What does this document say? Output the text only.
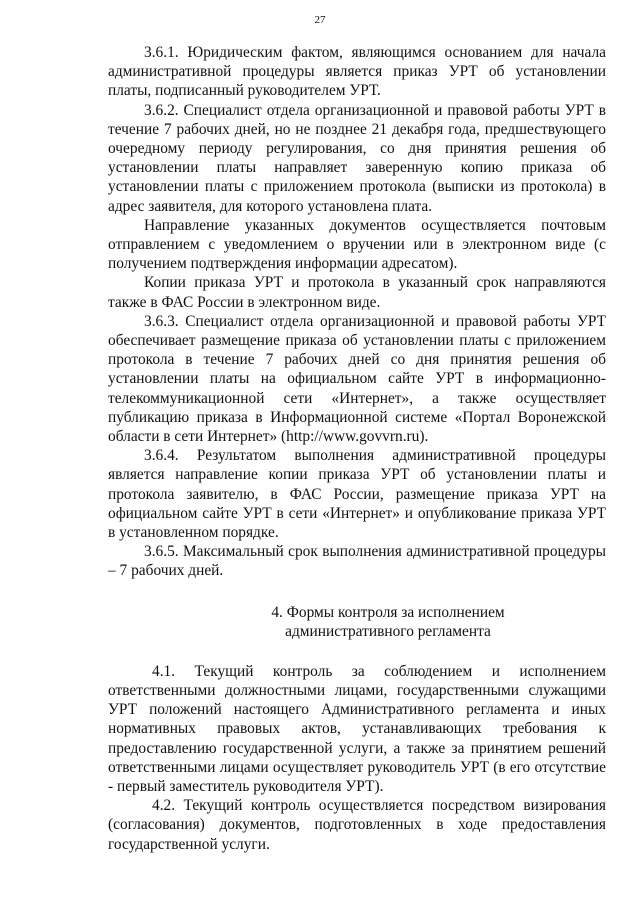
27

3.6.1. Юридическим фактом, являющимся основанием для начала административной процедуры является приказ УРТ об установлении платы, подписанный руководителем УРТ.

3.6.2. Специалист отдела организационной и правовой работы УРТ в течение 7 рабочих дней, но не позднее 21 декабря года, предшествующего очередному периоду регулирования, со дня принятия решения об установлении платы направляет заверенную копию приказа об установлении платы с приложением протокола (выписки из протокола) в адрес заявителя, для которого установлена плата.

Направление указанных документов осуществляется почтовым отправлением с уведомлением о вручении или в электронном виде (с получением подтверждения информации адресатом).

Копии приказа УРТ и протокола в указанный срок направляются также в ФАС России в электронном виде.

3.6.3. Специалист отдела организационной и правовой работы УРТ обеспечивает размещение приказа об установлении платы с приложением протокола в течение 7 рабочих дней со дня принятия решения об установлении платы на официальном сайте УРТ в информационно-телекоммуникационной сети «Интернет», а также осуществляет публикацию приказа в Информационной системе «Портал Воронежской области в сети Интернет» (http://www.govvrn.ru).

3.6.4. Результатом выполнения административной процедуры является направление копии приказа УРТ об установлении платы и протокола заявителю, в ФАС России, размещение приказа УРТ на официальном сайте УРТ в сети «Интернет» и опубликование приказа УРТ в установленном порядке.

3.6.5. Максимальный срок выполнения административной процедуры – 7 рабочих дней.

4. Формы контроля за исполнением
административного регламента

4.1. Текущий контроль за соблюдением и исполнением ответственными должностными лицами, государственными служащими УРТ положений настоящего Административного регламента и иных нормативных правовых актов, устанавливающих требования к предоставлению государственной услуги, а также за принятием решений ответственными лицами осуществляет руководитель УРТ (в его отсутствие - первый заместитель руководителя УРТ).

4.2. Текущий контроль осуществляется посредством визирования (согласования) документов, подготовленных в ходе предоставления государственной услуги.
